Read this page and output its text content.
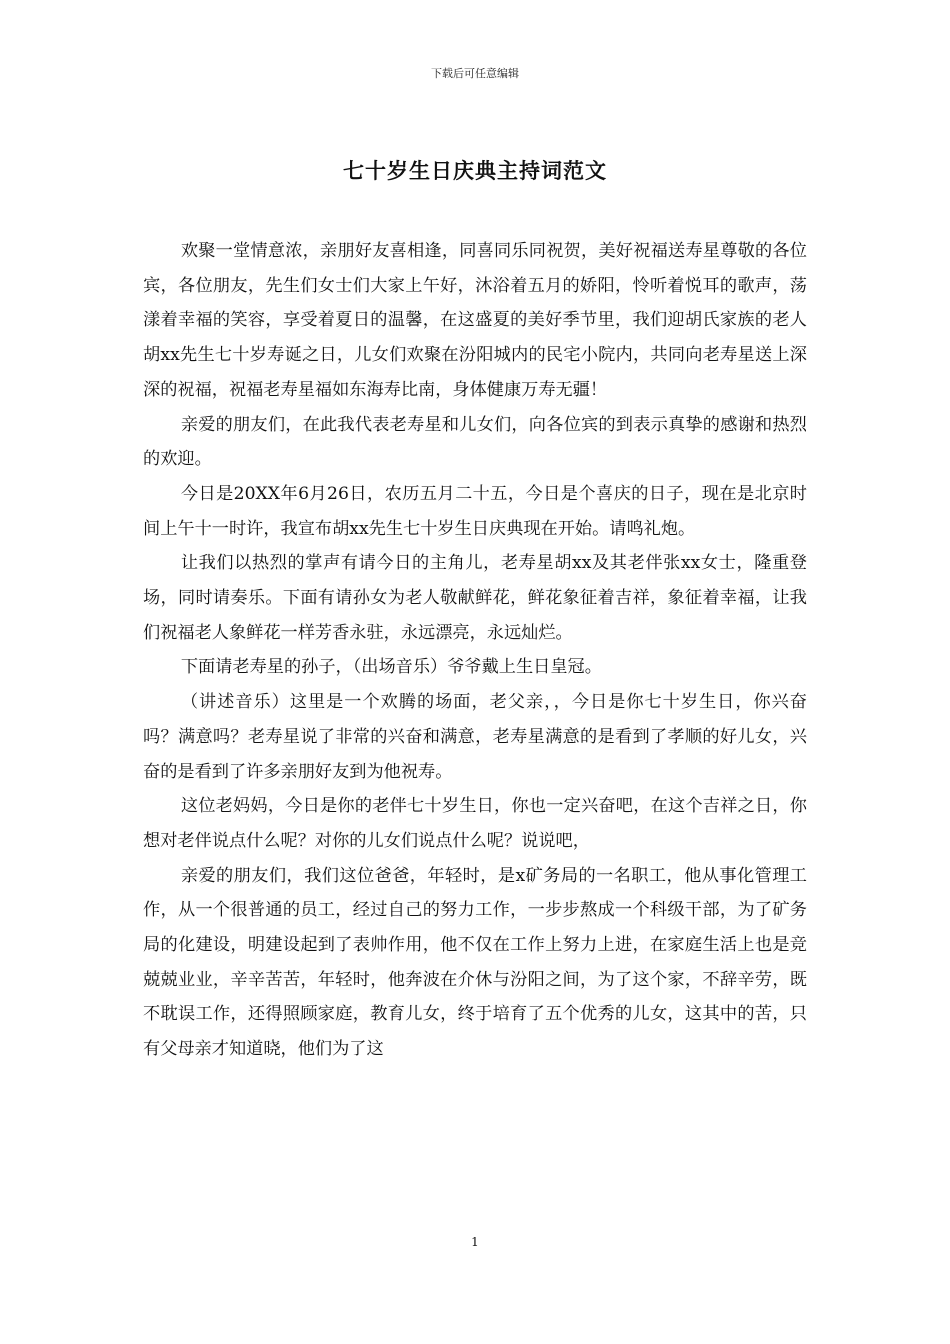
下载后可任意编辑
七十岁生日庆典主持词范文

欢聚一堂情意浓，亲朋好友喜相逢，同喜同乐同祝贺，美好祝福送寿星尊敬的各位宾，各位朋友，先生们女士们大家上午好，沐浴着五月的娇阳，怜听着悦耳的歌声，荡漾着幸福的笑容，享受着夏日的温馨，在这盛夏的美好季节里，我们迎胡氏家族的老人胡xx先生七十岁寿诞之日，儿女们欢聚在汾阳城内的民宅小院内，共同向老寿星送上深深的祝福，祝福老寿星福如东海寿比南，身体健康万寿无疆！

亲爱的朋友们，在此我代表老寿星和儿女们，向各位宾的到表示真挚的感谢和热烈的欢迎。

今日是20XX年6月26日，农历五月二十五，今日是个喜庆的日子，现在是北京时间上午十一时许，我宣布胡xx先生七十岁生日庆典现在开始。请鸣礼炮。

让我们以热烈的掌声有请今日的主角儿，老寿星胡xx及其老伴张xx女士，隆重登场，同时请奏乐。下面有请孙女为老人敬献鲜花，鲜花象征着吉祥，象征着幸福，让我们祝福老人象鲜花一样芳香永驻，永远漂亮，永远灿烂。

下面请老寿星的孙子，（出场音乐）爷爷戴上生日皇冠。

（讲述音乐）这里是一个欢腾的场面，老父亲，，今日是你七十岁生日，你兴奋吗？满意吗？老寿星说了非常的兴奋和满意，老寿星满意的是看到了孝顺的好儿女，兴奋的是看到了许多亲朋好友到为他祝寿。

这位老妈妈，今日是你的老伴七十岁生日，你也一定兴奋吧，在这个吉祥之日，你想对老伴说点什么呢？对你的儿女们说点什么呢？说说吧，

亲爱的朋友们，我们这位爸爸，年轻时，是x矿务局的一名职工，他从事化管理工作，从一个很普通的员工，经过自己的努力工作，一步步熬成一个科级干部，为了矿务局的化建设，明建设起到了表帅作用，他不仅在工作上努力上进，在家庭生活上也是竞兢兢业业，辛辛苦苦，年轻时，他奔波在介休与汾阳之间，为了这个家，不辞辛劳，既不耽误工作，还得照顾家庭，教育儿女，终于培育了五个优秀的儿女，这其中的苦，只有父母亲才知道晓，他们为了这

1
